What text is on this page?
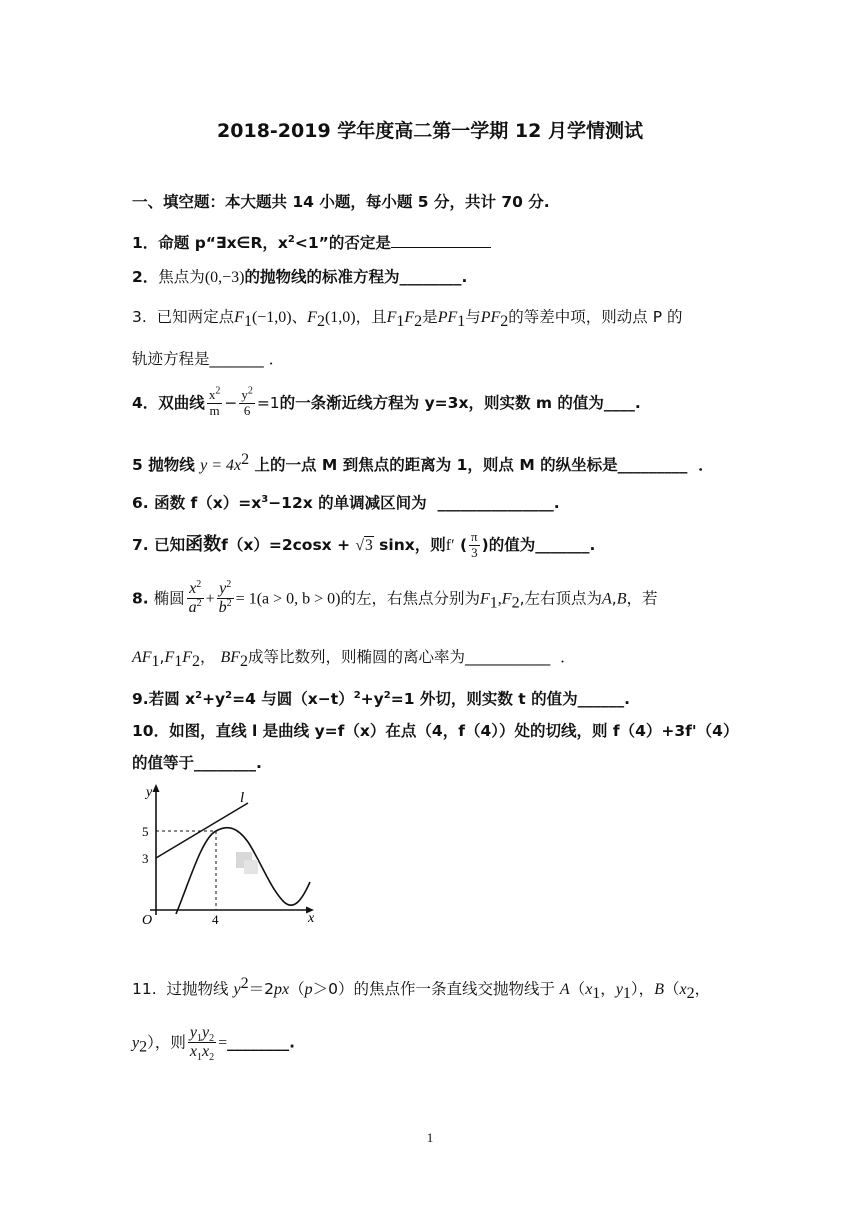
2018-2019 学年度高二第一学期 12 月学情测试
一、填空题：本大题共 14 小题，每小题 5 分，共计 70 分.
1．命题 p“∃x∈R，$x^2<1$”的否定是
2．焦点为(0,−3)的抛物线的标准方程为________.
3. 已知两定点$F_1(-1,0)$、$F_2(1,0)$，且$F_1F_2$是$PF_1$与$PF_2$的等差中项，则动点 P 的
轨迹方程是_______ ．
4．双曲线 $\frac{x^2}{m} - \frac{y^2}{6} =1$的一条渐近线方程为 y=3x，则实数 m 的值为____.
5 抛物线 $y = 4x^2$ 上的一点 M 到焦点的距离为 1，则点 M 的纵坐标是_________ ．
6. 函数 $f(x)=x^3-12x$ 的单调减区间为 _______________.
7. 已知函数f（x）=2cosx + √3 sinx，则f′ ( $\frac{\pi}{3}$ )的值为_______.
8. 椭圆 $\frac{x^2}{a^2} + \frac{y^2}{b^2} = 1(a > 0$, b > 0)的左，右焦点分别为$F_1,F_2$,左右顶点为A,B，若
$AF_1,F_1F_2$， $BF_2$成等比数列，则椭圆的离心率为___________ ．
9.若圆 $x^2+y^2=4$ 与圆$(x-t)^2+y^2=1$ 外切，则实数 t 的值为______.
10．如图，直线 l 是曲线 y=f（x）在点（4，f（4））处的切线，则 f（4）+3f'（4）
的值等于________.
y
x
O
5
3
4
l
11. 过抛物线 $y^2=2px(p>0)$的焦点作一条直线交抛物线于 $A(x_1$，$y_1$），$B(x_2$，
$y_2$），则 $\frac{y_1y_2}{x_1x_2}$ =________.
1
